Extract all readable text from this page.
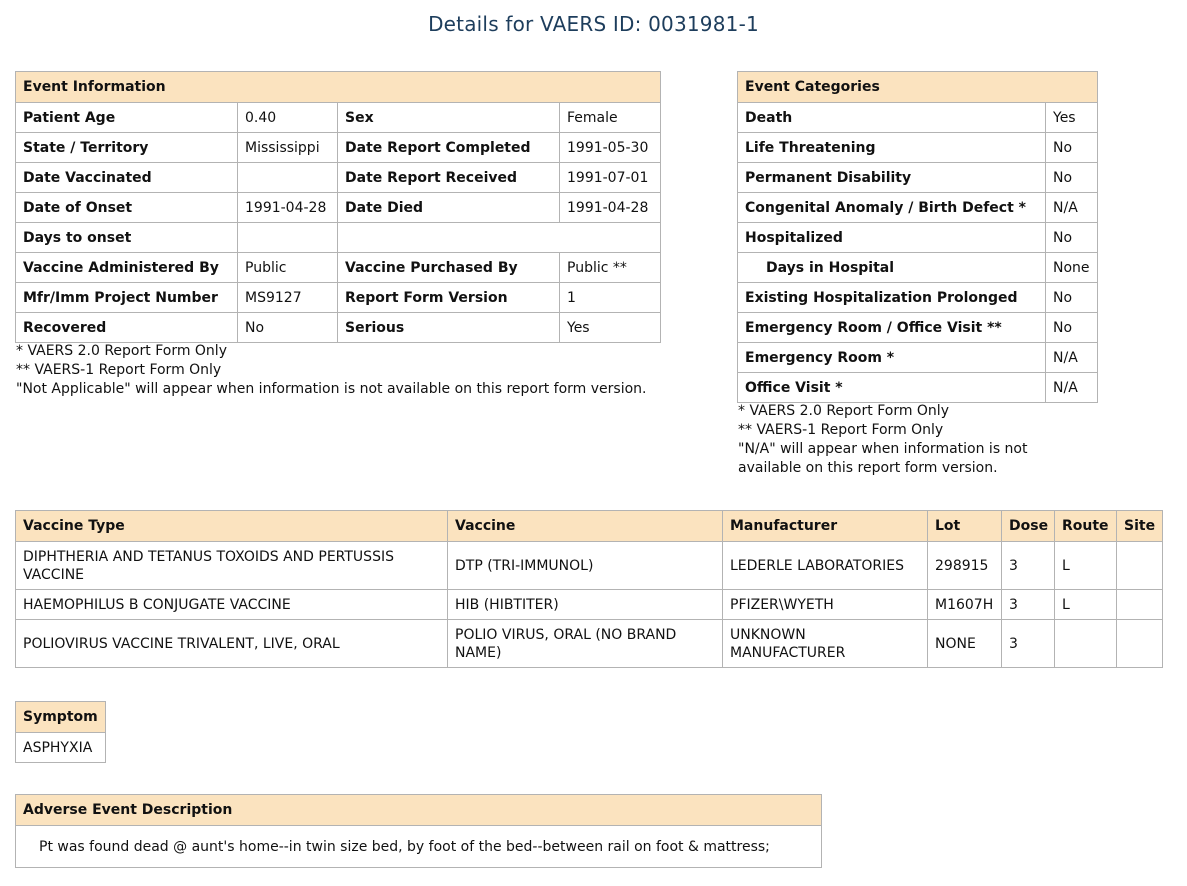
Details for VAERS ID: 0031981-1
Event Information			
Patient Age	0.40	Sex	Female
State / Territory	Mississippi	Date Report Completed	1991-05-30
Date Vaccinated		Date Report Received	1991-07-01
Date of Onset	1991-04-28	Date Died	1991-04-28
Days to onset			
Vaccine Administered By	Public	Vaccine Purchased By	Public **
Mfr/Imm Project Number	MS9127	Report Form Version	1
Recovered	No	Serious	Yes
* VAERS 2.0 Report Form Only
** VAERS-1 Report Form Only
"Not Applicable" will appear when information is not available on this report form version.
Event Categories	
Death	Yes
Life Threatening	No
Permanent Disability	No
Congenital Anomaly / Birth Defect *	N/A
Hospitalized	No
Days in Hospital	None
Existing Hospitalization Prolonged	No
Emergency Room / Office Visit **	No
Emergency Room *	N/A
Office Visit *	N/A
* VAERS 2.0 Report Form Only
** VAERS-1 Report Form Only
"N/A" will appear when information is not
available on this report form version.
Vaccine Type	Vaccine	Manufacturer	Lot	Dose	Route	Site
DIPHTHERIA AND TETANUS TOXOIDS AND PERTUSSIS VACCINE	DTP (TRI-IMMUNOL)	LEDERLE LABORATORIES	298915	3	L	
HAEMOPHILUS B CONJUGATE VACCINE	HIB (HIBTITER)	PFIZER\WYETH	M1607H	3	L	
POLIOVIRUS VACCINE TRIVALENT, LIVE, ORAL	POLIO VIRUS, ORAL (NO BRAND NAME)	UNKNOWN MANUFACTURER	NONE	3		
Symptom
ASPHYXIA
Adverse Event Description
Pt was found dead @ aunt's home--in twin size bed, by foot of the bed--between rail on foot & mattress;
